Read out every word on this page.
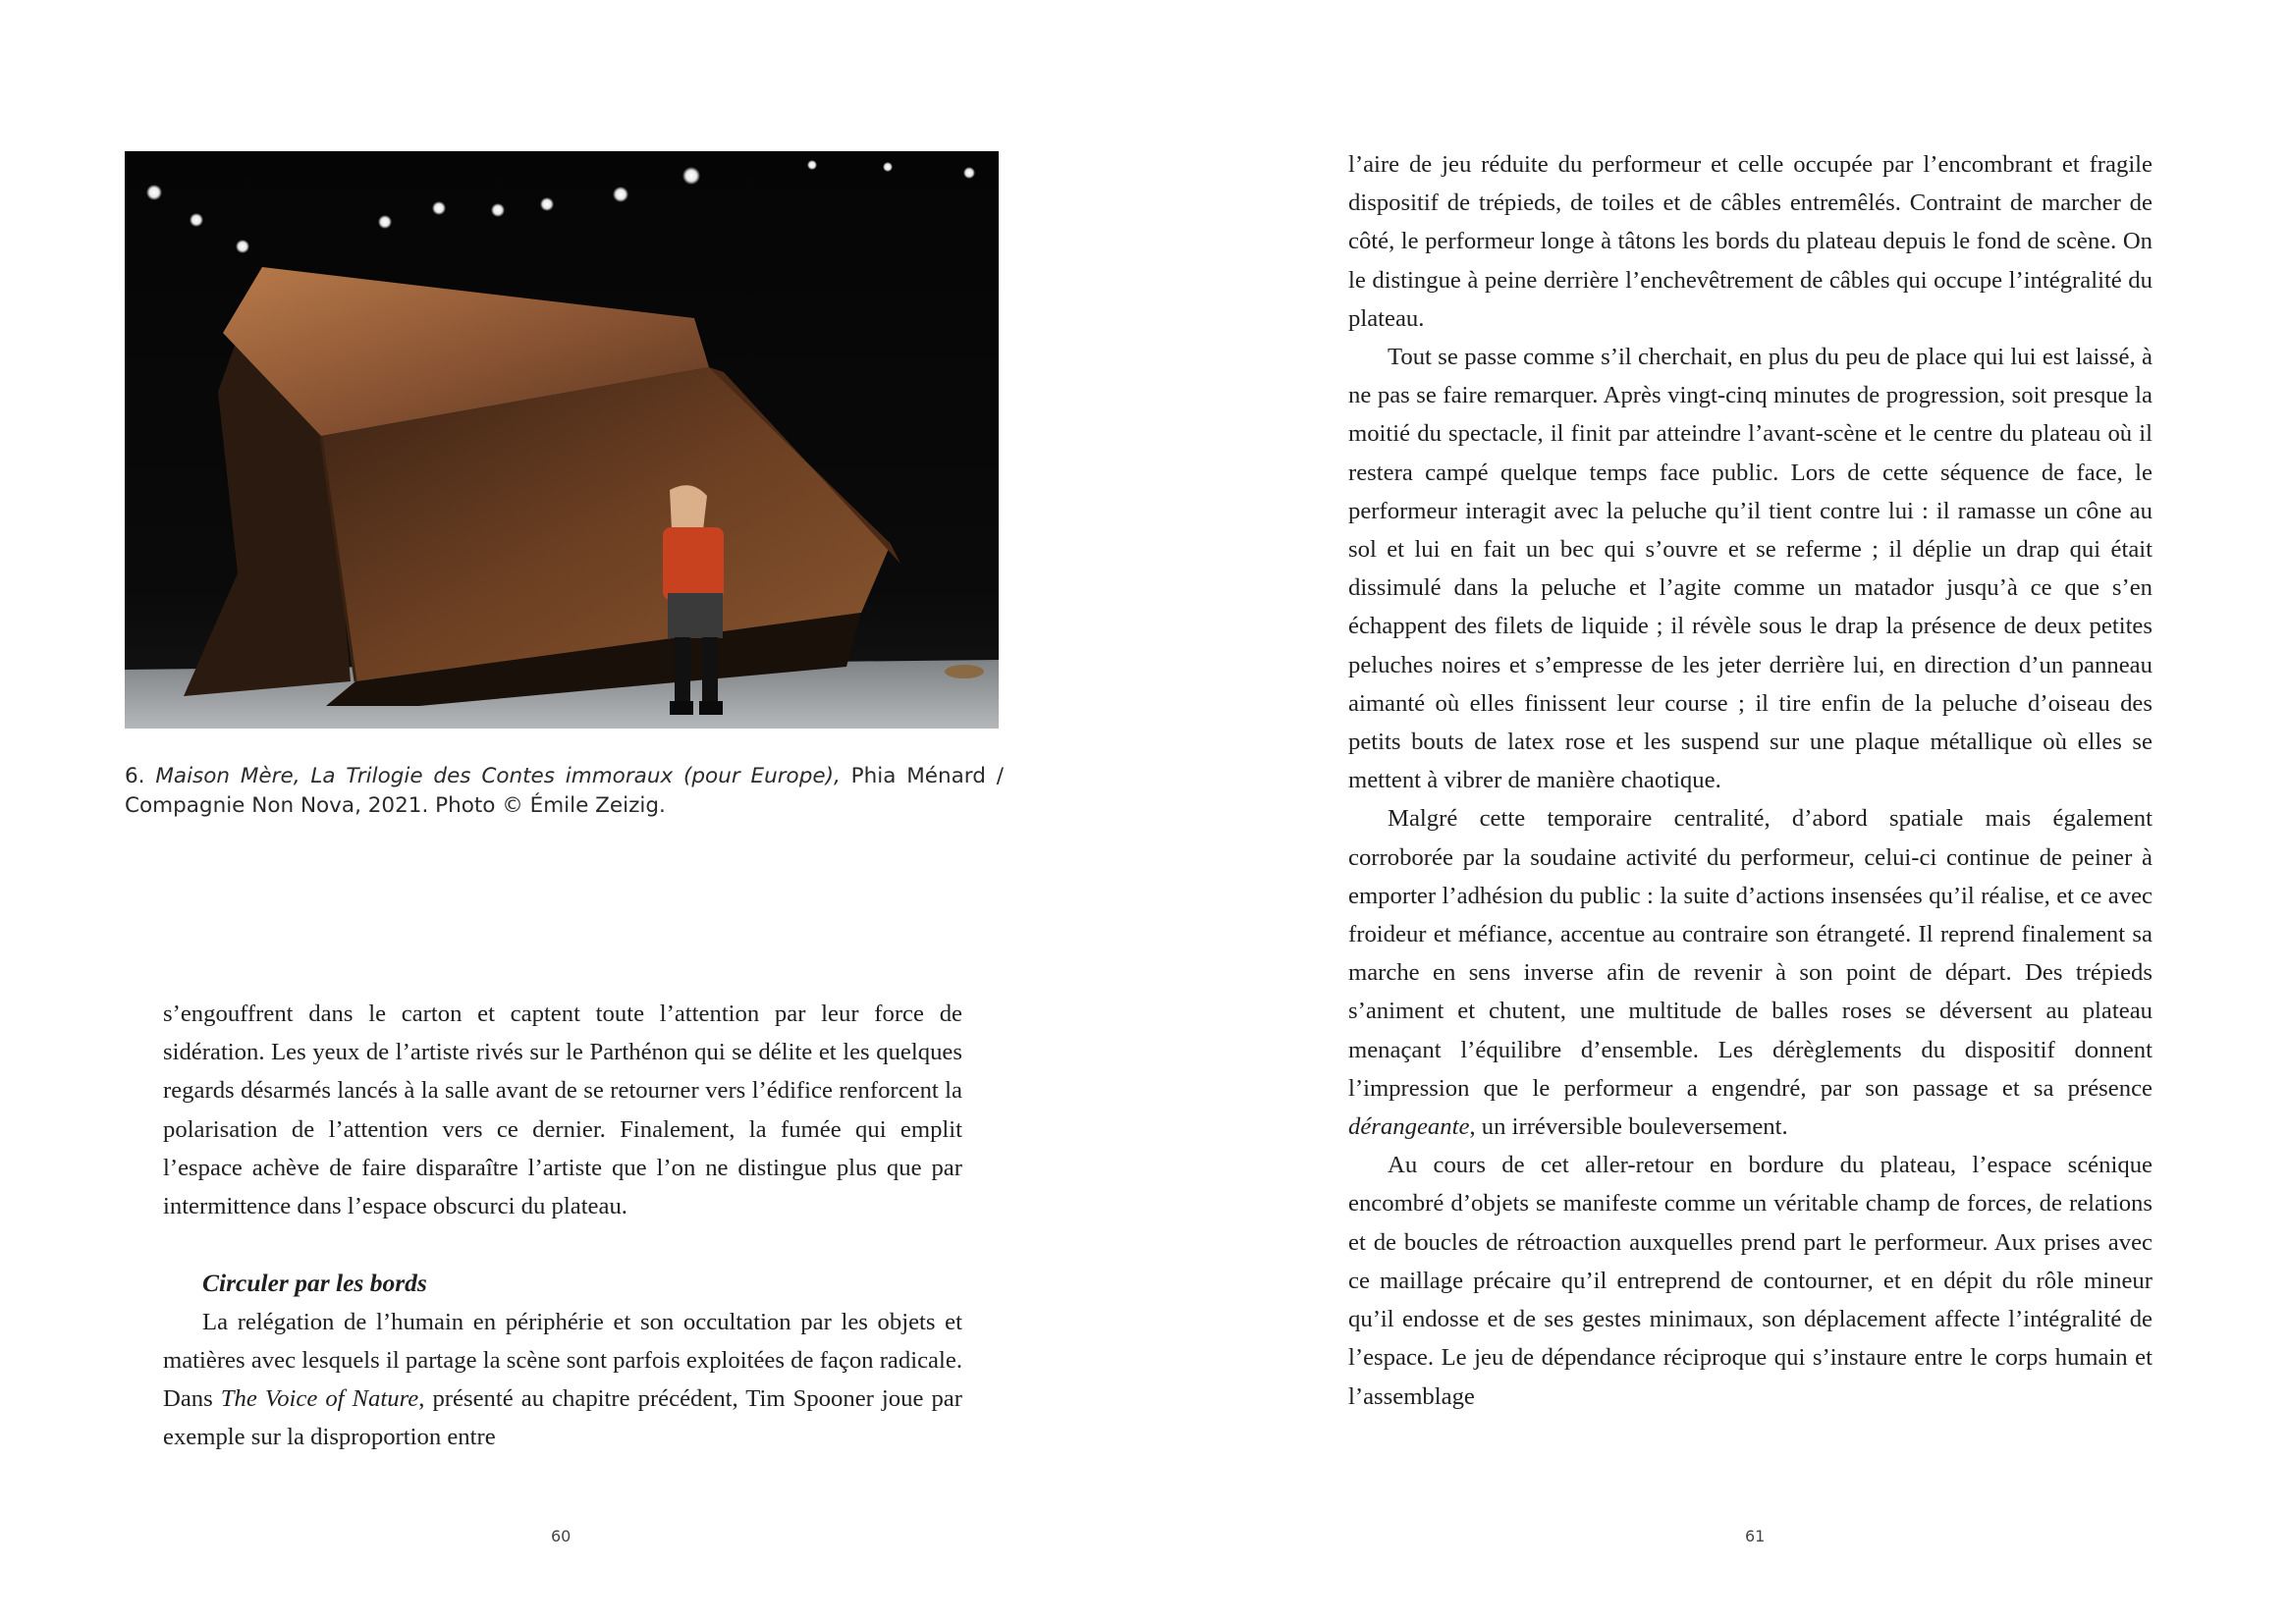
6. Maison Mère, La Trilogie des Contes immoraux (pour Europe), Phia Ménard /
Compagnie Non Nova, 2021. Photo © Émile Zeizig.

s’engouffrent dans le carton et captent toute l’attention par leur force de sidération. Les yeux de l’artiste rivés sur le Parthénon qui se délite et les quelques regards désarmés lancés à la salle avant de se retourner vers l’édifice renforcent la polarisation de l’attention vers ce dernier. Finalement, la fumée qui emplit l’espace achève de faire disparaître l’artiste que l’on ne distingue plus que par intermittence dans l’espace obscurci du plateau.

Circuler par les bords

La relégation de l’humain en périphérie et son occultation par les objets et matières avec lesquels il partage la scène sont parfois exploitées de façon radicale. Dans The Voice of Nature, présenté au chapitre précédent, Tim Spooner joue par exemple sur la disproportion entre

60

l’aire de jeu réduite du performeur et celle occupée par l’encombrant et fragile dispositif de trépieds, de toiles et de câbles entremêlés. Contraint de marcher de côté, le performeur longe à tâtons les bords du plateau depuis le fond de scène. On le distingue à peine derrière l’enchevêtrement de câbles qui occupe l’intégralité du plateau.

Tout se passe comme s’il cherchait, en plus du peu de place qui lui est laissé, à ne pas se faire remarquer. Après vingt-cinq minutes de progression, soit presque la moitié du spectacle, il finit par atteindre l’avant-scène et le centre du plateau où il restera campé quelque temps face public. Lors de cette séquence de face, le performeur interagit avec la peluche qu’il tient contre lui : il ramasse un cône au sol et lui en fait un bec qui s’ouvre et se referme ; il déplie un drap qui était dissimulé dans la peluche et l’agite comme un matador jusqu’à ce que s’en échappent des filets de liquide ; il révèle sous le drap la présence de deux petites peluches noires et s’empresse de les jeter derrière lui, en direction d’un panneau aimanté où elles finissent leur course ; il tire enfin de la peluche d’oiseau des petits bouts de latex rose et les suspend sur une plaque métallique où elles se mettent à vibrer de manière chaotique.

Malgré cette temporaire centralité, d’abord spatiale mais également corroborée par la soudaine activité du performeur, celui-ci continue de peiner à emporter l’adhésion du public : la suite d’actions insensées qu’il réalise, et ce avec froideur et méfiance, accentue au contraire son étrangeté. Il reprend finalement sa marche en sens inverse afin de revenir à son point de départ. Des trépieds s’animent et chutent, une multitude de balles roses se déversent au plateau menaçant l’équilibre d’ensemble. Les dérèglements du dispositif donnent l’impression que le performeur a engendré, par son passage et sa présence dérangeante, un irréversible bouleversement.

Au cours de cet aller-retour en bordure du plateau, l’espace scénique encombré d’objets se manifeste comme un véritable champ de forces, de relations et de boucles de rétroaction auxquelles prend part le performeur. Aux prises avec ce maillage précaire qu’il entreprend de contourner, et en dépit du rôle mineur qu’il endosse et de ses gestes minimaux, son déplacement affecte l’intégralité de l’espace. Le jeu de dépendance réciproque qui s’instaure entre le corps humain et l’assemblage

61
